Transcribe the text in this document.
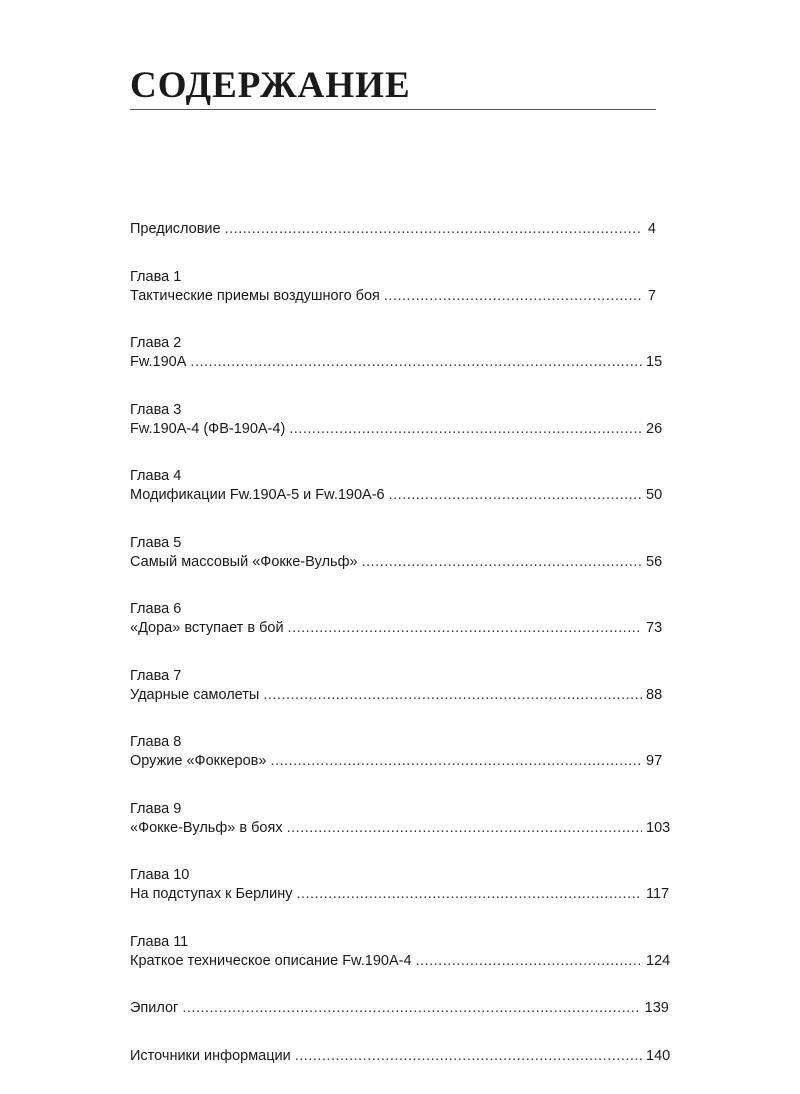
СОДЕРЖАНИЕ
Предисловие .....	4
Глава 1
Тактические приемы воздушного боя .....	7
Глава 2
Fw.190A .....	15
Глава 3
Fw.190А-4 (ФВ-190А-4) .....	26
Глава 4
Модификации Fw.190A-5 и Fw.190A-6 .....	50
Глава 5
Самый массовый «Фокке-Вульф» .....	56
Глава 6
«Дора» вступает в бой .....	73
Глава 7
Ударные самолеты .....	88
Глава 8
Оружие «Фоккеров» .....	97
Глава 9
«Фокке-Вульф» в боях .....	103
Глава 10
На подступах к Берлину .....	117
Глава 11
Краткое техническое описание Fw.190A-4 .....	124
Эпилог .....	139
Источники информации .....	140
